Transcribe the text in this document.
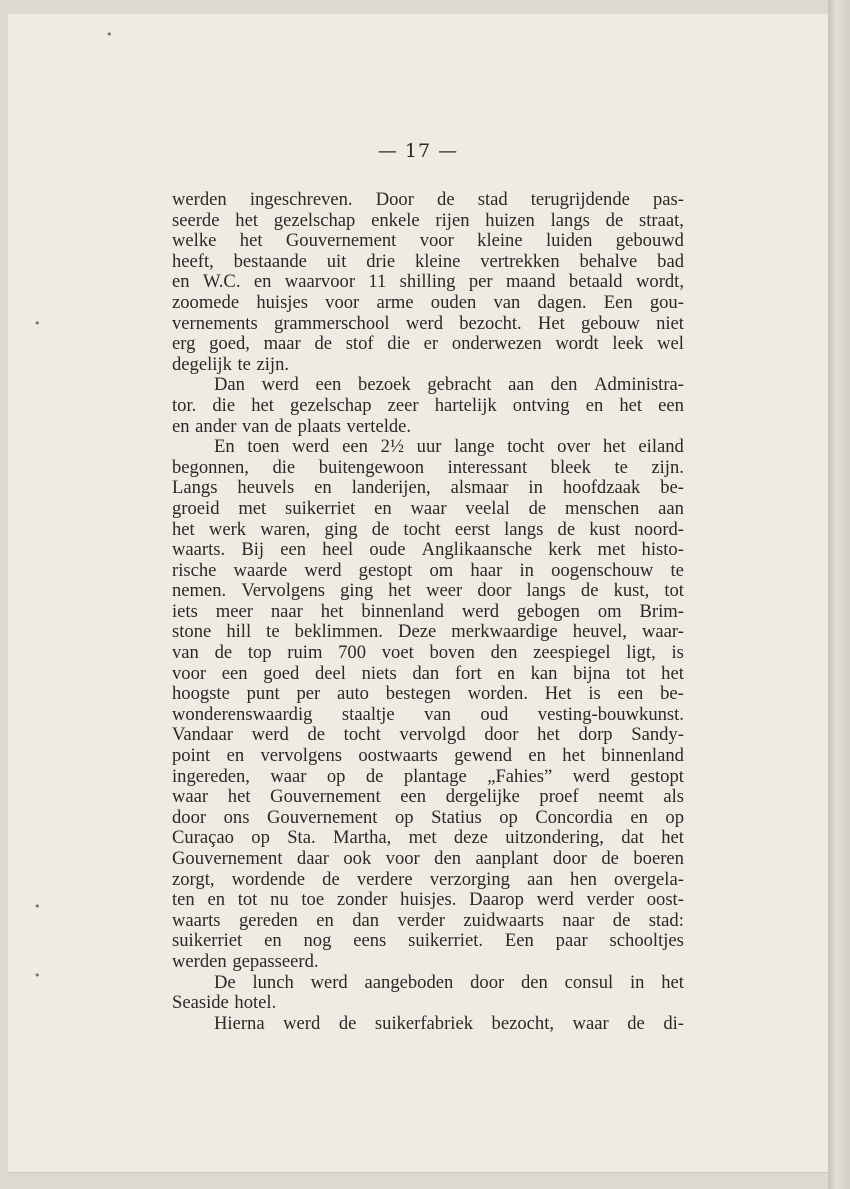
— 17 —
werden ingeschreven. Door de stad terugrijdende pas-
seerde het gezelschap enkele rijen huizen langs de straat,
welke het Gouvernement voor kleine luiden gebouwd
heeft, bestaande uit drie kleine vertrekken behalve bad
en W.C. en waarvoor 11 shilling per maand betaald wordt,
zoomede huisjes voor arme ouden van dagen. Een gou-
vernements grammerschool werd bezocht. Het gebouw niet
erg goed, maar de stof die er onderwezen wordt leek wel
degelijk te zijn.
Dan werd een bezoek gebracht aan den Administra-
tor. die het gezelschap zeer hartelijk ontving en het een
en ander van de plaats vertelde.
En toen werd een 2½ uur lange tocht over het eiland
begonnen, die buitengewoon interessant bleek te zijn.
Langs heuvels en landerijen, alsmaar in hoofdzaak be-
groeid met suikerriet en waar veelal de menschen aan
het werk waren, ging de tocht eerst langs de kust noord-
waarts. Bij een heel oude Anglikaansche kerk met histo-
rische waarde werd gestopt om haar in oogenschouw te
nemen. Vervolgens ging het weer door langs de kust, tot
iets meer naar het binnenland werd gebogen om Brim-
stone hill te beklimmen. Deze merkwaardige heuvel, waar-
van de top ruim 700 voet boven den zeespiegel ligt, is
voor een goed deel niets dan fort en kan bijna tot het
hoogste punt per auto bestegen worden. Het is een be-
wonderenswaardig staaltje van oud vesting-bouwkunst.
Vandaar werd de tocht vervolgd door het dorp Sandy-
point en vervolgens oostwaarts gewend en het binnenland
ingereden, waar op de plantage „Fahies” werd gestopt
waar het Gouvernement een dergelijke proef neemt als
door ons Gouvernement op Statius op Concordia en op
Curaçao op Sta. Martha, met deze uitzondering, dat het
Gouvernement daar ook voor den aanplant door de boeren
zorgt, wordende de verdere verzorging aan hen overgela-
ten en tot nu toe zonder huisjes. Daarop werd verder oost-
waarts gereden en dan verder zuidwaarts naar de stad:
suikerriet en nog eens suikerriet. Een paar schooltjes
werden gepasseerd.
De lunch werd aangeboden door den consul in het
Seaside hotel.
Hierna werd de suikerfabriek bezocht, waar de di-
•
•
•
•
